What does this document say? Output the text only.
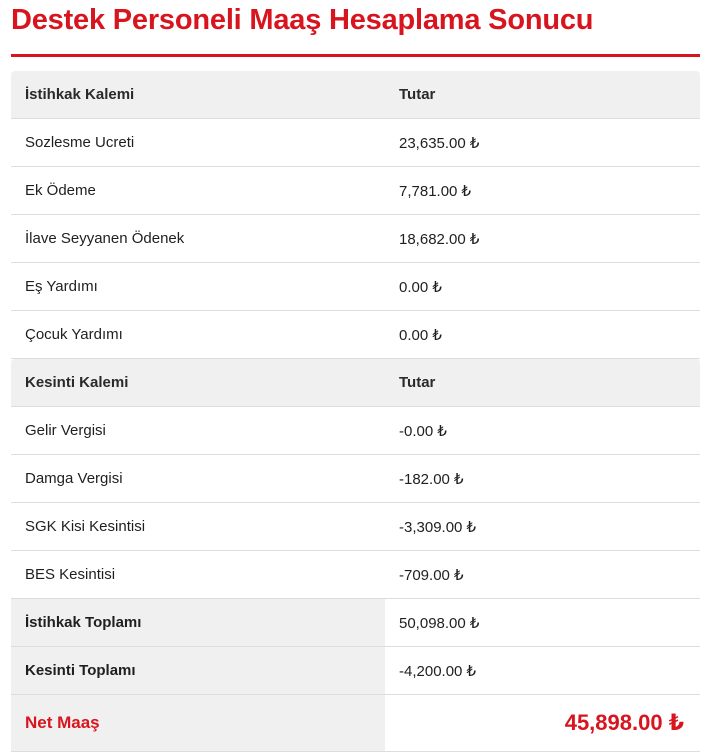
Destek Personeli Maaş Hesaplama Sonucu
İstihkak Kalemi	Tutar
Sozlesme Ucreti	23,635.00 ₺
Ek Ödeme	7,781.00 ₺
İlave Seyyanen Ödenek	18,682.00 ₺
Eş Yardımı	0.00 ₺
Çocuk Yardımı	0.00 ₺
Kesinti Kalemi	Tutar
Gelir Vergisi	-0.00 ₺
Damga Vergisi	-182.00 ₺
SGK Kisi Kesintisi	-3,309.00 ₺
BES Kesintisi	-709.00 ₺
İstihkak Toplamı	50,098.00 ₺
Kesinti Toplamı	-4,200.00 ₺
Net Maaş	45,898.00 ₺
